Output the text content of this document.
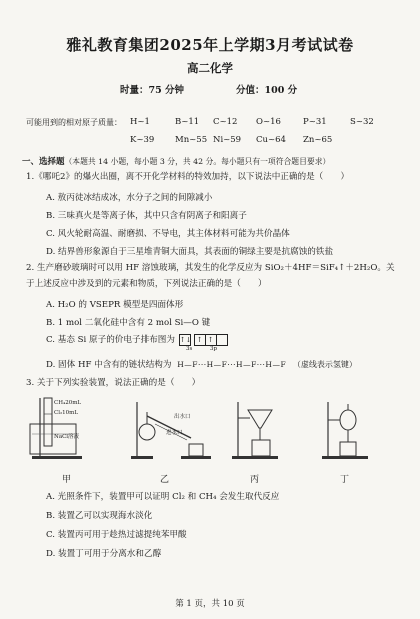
雅礼教育集团2025年上学期3月考试试卷
高二化学
时量：75 分钟	分值：100 分
可能用到的相对原子质量： H~1	B~11 C~12 O~16	P~31	S~32
K~39 Mn~55 Ni~59 Cu~64 Zn~65
一、选择题（本题共 14 小题，每小题 3 分，共 42 分。每小题只有一项符合题目要求）
1.《哪吒2》的爆火出圈，离不开化学材料的特效加持，以下说法中正确的是（　　）
A. 敖丙徒冰结成冰，水分子之间的间隙减小
B. 三味真火是等离子体，其中只含有阴离子和阳离子
C. 风火轮耐高温、耐磨损、不导电，其主体材料可能为共价晶体
D. 结界兽形象源自于三星堆青铜大面具，其表面的铜绿主要是抗腐蚀的铁盐
2. 生产磨砂玻璃时可以用 HF 溶蚀玻璃，其发生的化学反应为 SiO₂＋4HF＝SiF₄↑＋2H₂O。关
于上述反应中涉及到的元素和物质，下列说法正确的是（　　）
A. H₂O 的 VSEPR 模型是四面体形
B. 1 mol 二氧化硅中含有 2 mol Si—O 键
C. 基态 Si 原子的价电子排布图为 ↑↓ ↑ ↑
3s	3p
D. 固体 HF 中含有的链状结构为 H—F···H—F···H—F···H—F （虚线表示氢键）
3. 关于下列实验装置，说法正确的是（　　）
CH₄20mL
Cl₂10mL
NaCl溶液
出水口
进水口
甲	乙	丙	丁
A. 光照条件下，装置甲可以证明 Cl₂ 和 CH₄ 会发生取代反应
B. 装置乙可以实现海水淡化
C. 装置丙可用于趁热过滤提纯苯甲酸
D. 装置丁可用于分离水和乙醇
第 1 页，共 10 页
